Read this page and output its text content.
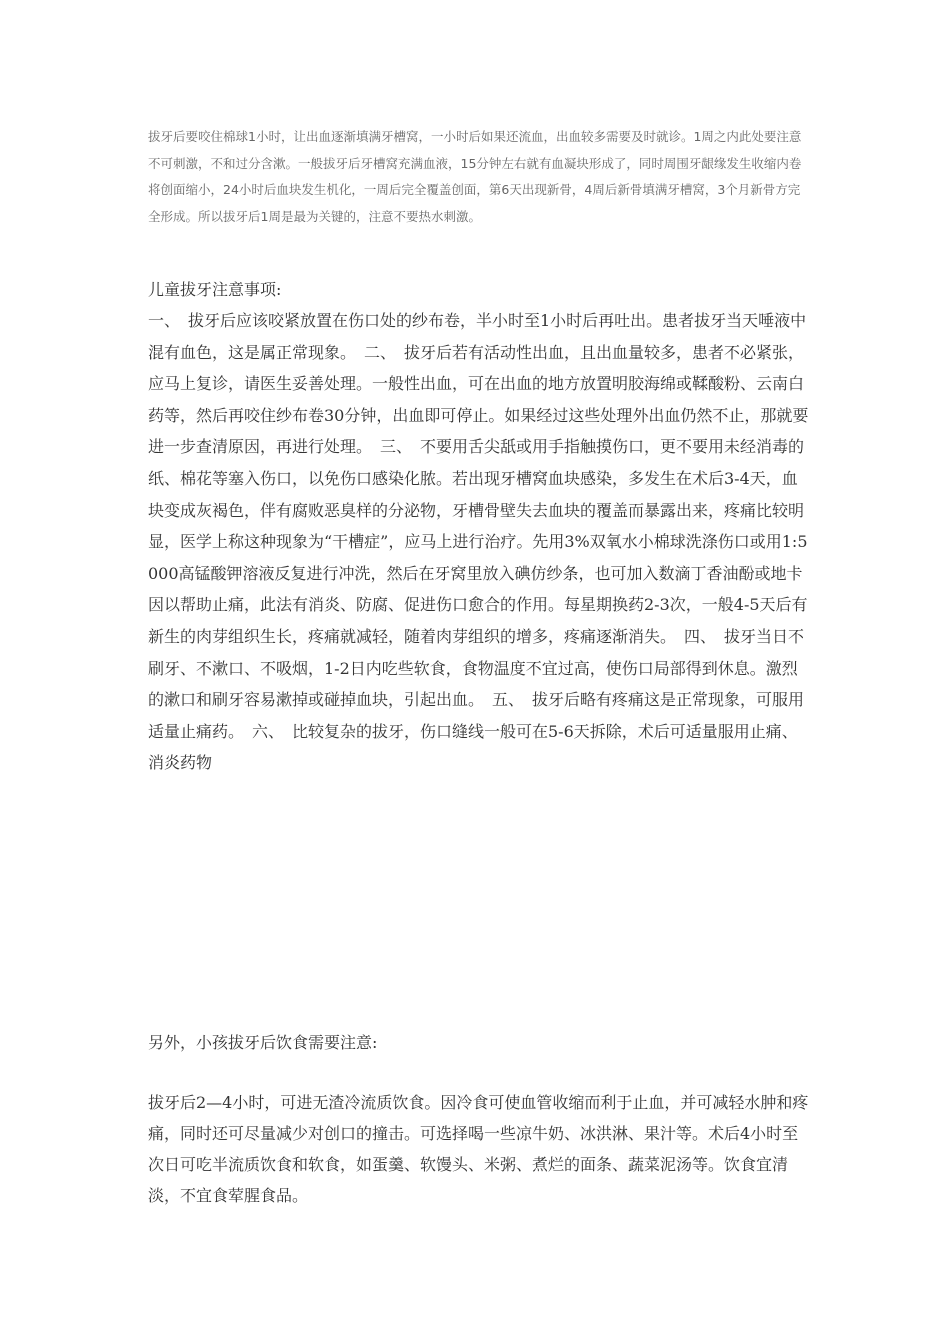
拔牙后要咬住棉球1小时，让出血逐渐填满牙槽窝，一小时后如果还流血，出血较多需要及时就诊。1周之内此处要注意不可刺激，不和过分含漱。一般拔牙后牙槽窝充满血液，15分钟左右就有血凝块形成了，同时周围牙龈缘发生收缩内卷将创面缩小，24小时后血块发生机化，一周后完全覆盖创面，第6天出现新骨，4周后新骨填满牙槽窝，3个月新骨方完全形成。所以拔牙后1周是最为关键的，注意不要热水刺激。

儿童拔牙注意事项:

一、　拔牙后应该咬紧放置在伤口处的纱布卷，半小时至1小时后再吐出。患者拔牙当天唾液中混有血色，这是属正常现象。　二、　拔牙后若有活动性出血，且出血量较多，患者不必紧张，应马上复诊，请医生妥善处理。一般性出血，可在出血的地方放置明胶海绵或鞣酸粉、云南白药等，然后再咬住纱布卷30分钟，出血即可停止。如果经过这些处理外出血仍然不止，那就要进一步查清原因，再进行处理。　三、　不要用舌尖舐或用手指触摸伤口，更不要用未经消毒的纸、棉花等塞入伤口，以免伤口感染化脓。若出现牙槽窝血块感染，多发生在术后3-4天，血块变成灰褐色，伴有腐败恶臭样的分泌物，牙槽骨壁失去血块的覆盖而暴露出来，疼痛比较明显，医学上称这种现象为“干槽症”，应马上进行治疗。先用3%双氧水小棉球洗涤伤口或用1:5000高锰酸钾溶液反复进行冲洗，然后在牙窝里放入碘仿纱条，也可加入数滴丁香油酚或地卡因以帮助止痛，此法有消炎、防腐、促进伤口愈合的作用。每星期换药2-3次，一般4-5天后有新生的肉芽组织生长，疼痛就减轻，随着肉芽组织的增多，疼痛逐渐消失。　四、　拔牙当日不刷牙、不漱口、不吸烟，1-2日内吃些软食，食物温度不宜过高，使伤口局部得到休息。激烈的漱口和刷牙容易漱掉或碰掉血块，引起出血。　五、　拔牙后略有疼痛这是正常现象，可服用适量止痛药。　六、　比较复杂的拔牙，伤口缝线一般可在5-6天拆除，术后可适量服用止痛、消炎药物

另外，小孩拔牙后饮食需要注意:

拔牙后2—4小时，可进无渣冷流质饮食。因冷食可使血管收缩而利于止血，并可减轻水肿和疼痛，同时还可尽量减少对创口的撞击。可选择喝一些凉牛奶、冰洪淋、果汁等。术后4小时至次日可吃半流质饮食和软食，如蛋羹、软馒头、米粥、煮烂的面条、蔬菜泥汤等。饮食宜清淡，不宜食荤腥食品。
